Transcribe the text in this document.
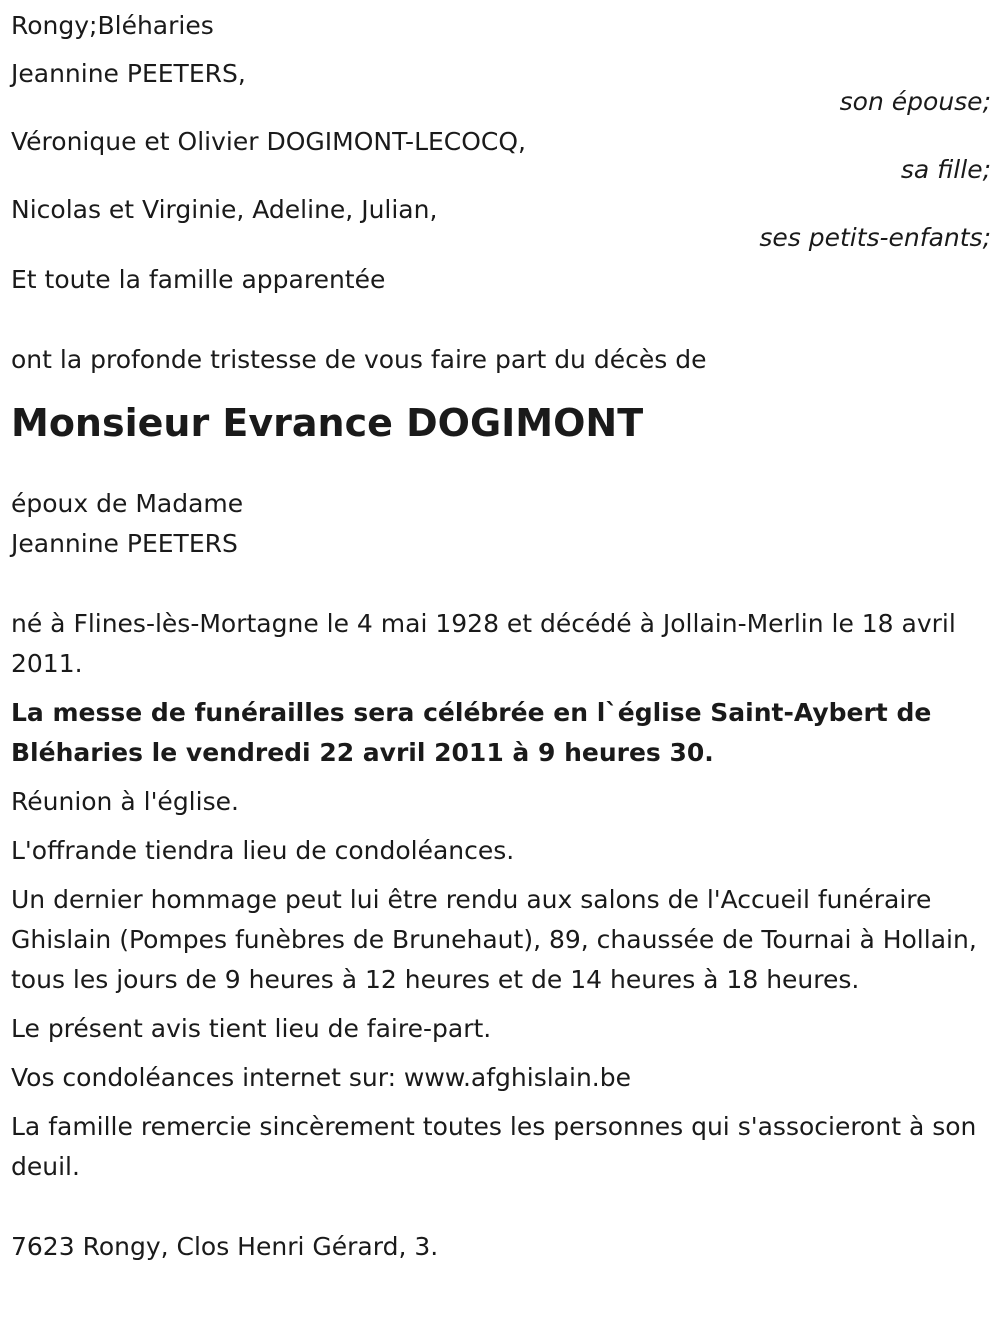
Rongy;Bléharies
Jeannine PEETERS,
son épouse;
Véronique et Olivier DOGIMONT-LECOCQ,
sa fille;
Nicolas et Virginie, Adeline, Julian,
ses petits-enfants;
Et toute la famille apparentée
ont la profonde tristesse de vous faire part du décès de
Monsieur Evrance DOGIMONT
époux de Madame
Jeannine PEETERS

né à Flines-lès-Mortagne le 4 mai 1928 et décédé à Jollain-Merlin le 18 avril 2011.

La messe de funérailles sera célébrée en l`église Saint-Aybert de Bléharies le vendredi 22 avril 2011 à 9 heures 30.

Réunion à l'église.

L'offrande tiendra lieu de condoléances.

Un dernier hommage peut lui être rendu aux salons de l'Accueil funéraire Ghislain (Pompes funèbres de Brunehaut), 89, chaussée de Tournai à Hollain, tous les jours de 9 heures à 12 heures et de 14 heures à 18 heures.

Le présent avis tient lieu de faire-part.

Vos condoléances internet sur: www.afghislain.be

La famille remercie sincèrement toutes les personnes qui s'associeront à son deuil.

7623 Rongy, Clos Henri Gérard, 3.
